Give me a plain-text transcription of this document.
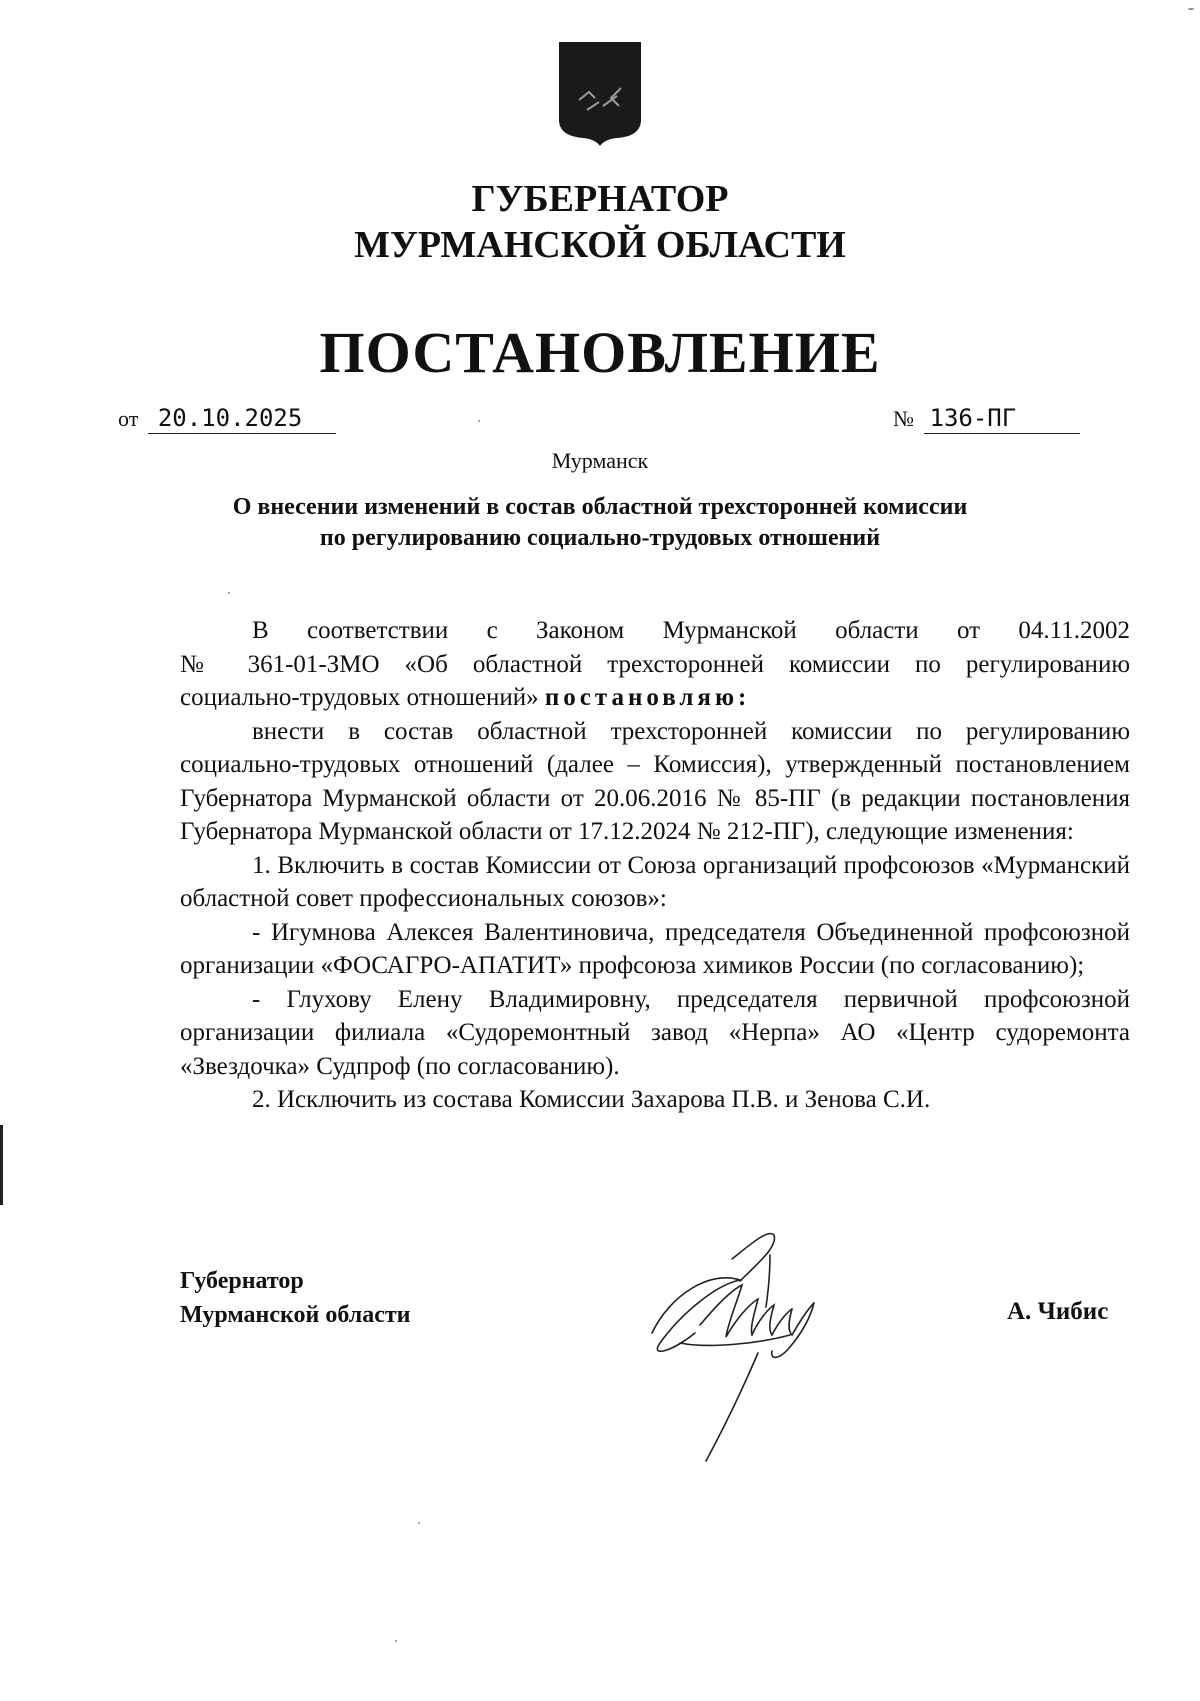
ГУБЕРНАТОР
МУРМАНСКОЙ ОБЛАСТИ
ПОСТАНОВЛЕНИЕ
от 20.10.2025	№ 136-ПГ
Мурманск
О внесении изменений в состав областной трехсторонней комиссии
по регулированию социально-трудовых отношений

В соответствии с Законом Мурманской области от 04.11.2002

№ 361-01-ЗМО «Об областной трехсторонней комиссии по регулированию

социально-трудовых отношений» постановляю:

внести в состав областной трехсторонней комиссии по регулированию социально-трудовых отношений (далее – Комиссия), утвержденный постановлением Губернатора Мурманской области от 20.06.2016 № 85-ПГ (в редакции постановления Губернатора Мурманской области от 17.12.2024 № 212-ПГ), следующие изменения:

1. Включить в состав Комиссии от Союза организаций профсоюзов «Мурманский областной совет профессиональных союзов»:

- Игумнова Алексея Валентиновича, председателя Объединенной профсоюзной организации «ФОСАГРО-АПАТИТ» профсоюза химиков России (по согласованию);

- Глухову Елену Владимировну, председателя первичной профсоюзной организации филиала «Судоремонтный завод «Нерпа» АО «Центр судоремонта «Звездочка» Судпроф (по согласованию).

2. Исключить из состава Комиссии Захарова П.В. и Зенова С.И.

Губернатор
Мурманской области	А. Чибис
